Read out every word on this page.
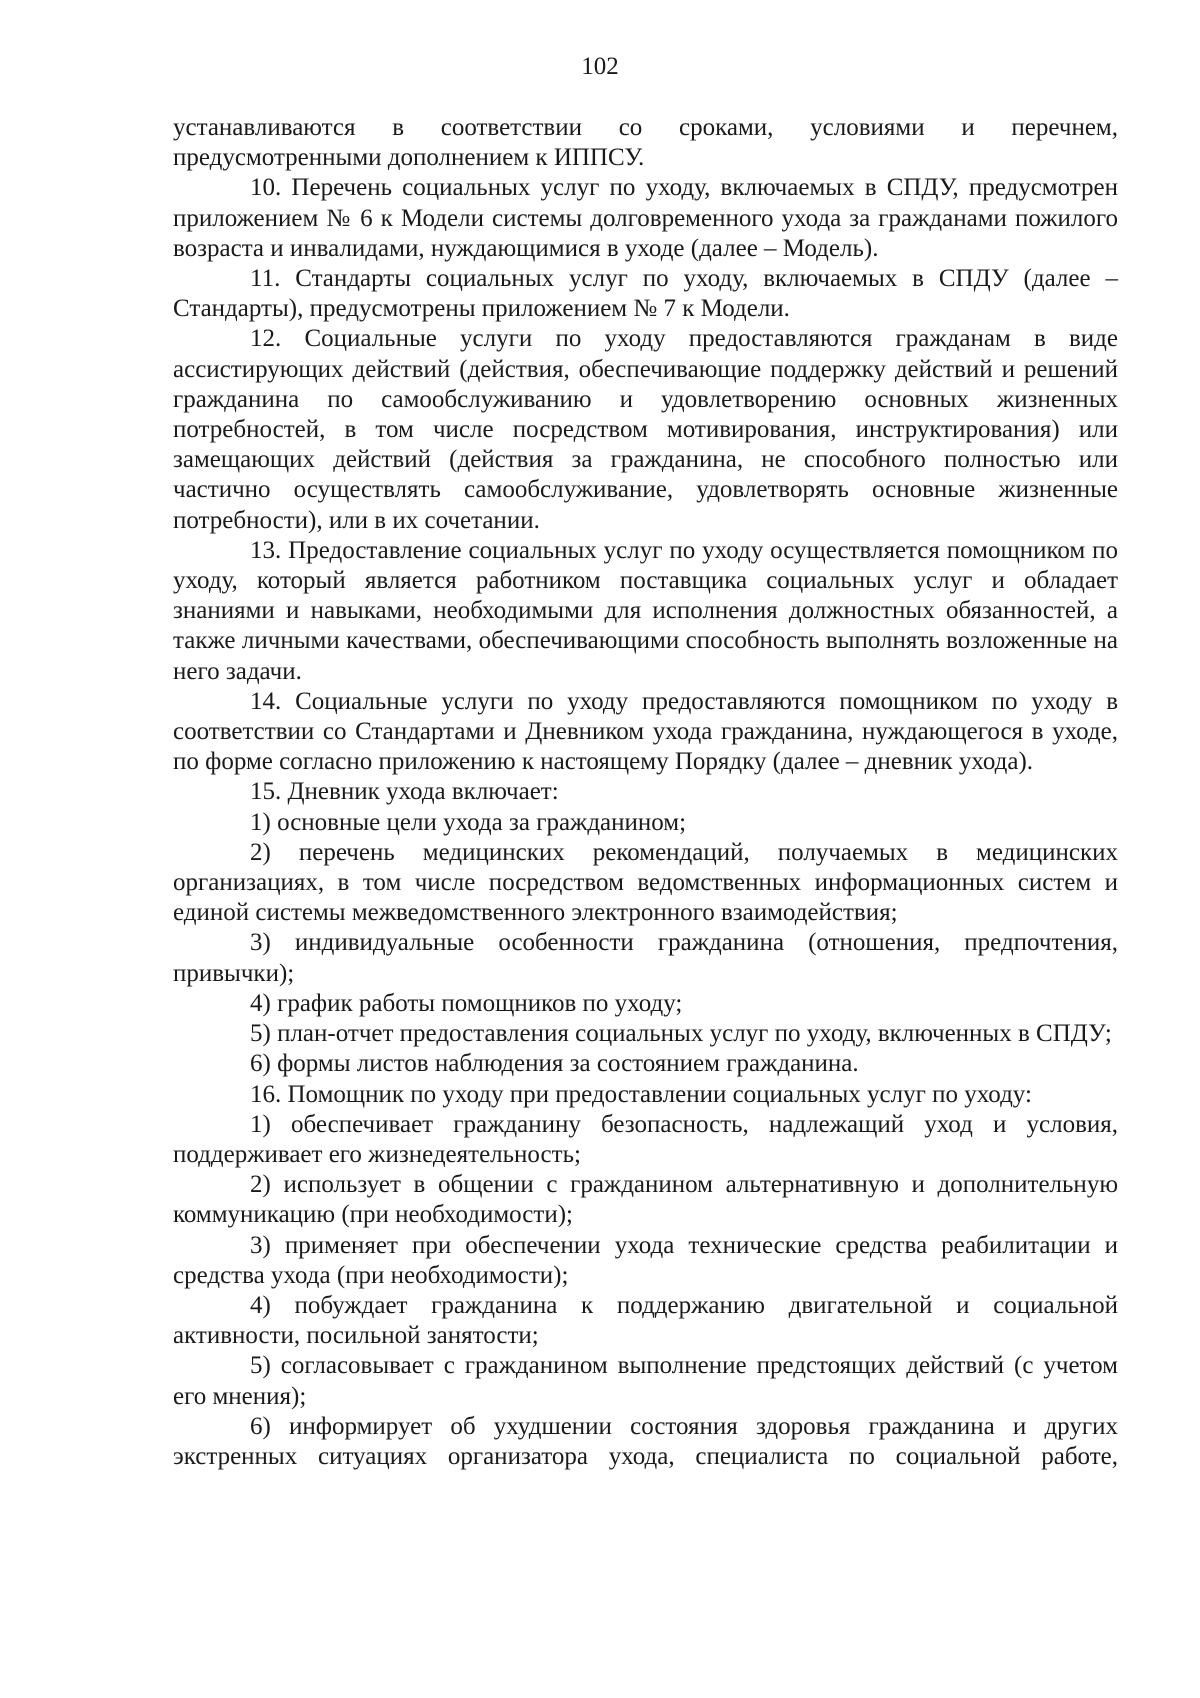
102

устанавливаются в соответствии со сроками, условиями и перечнем, предусмотренными дополнением к ИППСУ.

10. Перечень социальных услуг по уходу, включаемых в СПДУ, предусмотрен приложением № 6 к Модели системы долговременного ухода за гражданами пожилого возраста и инвалидами, нуждающимися в уходе (далее – Модель).

11. Стандарты социальных услуг по уходу, включаемых в СПДУ (далее – Стандарты), предусмотрены приложением № 7 к Модели.

12. Социальные услуги по уходу предоставляются гражданам в виде ассистирующих действий (действия, обеспечивающие поддержку действий и решений гражданина по самообслуживанию и удовлетворению основных жизненных потребностей, в том числе посредством мотивирования, инструктирования) или замещающих действий (действия за гражданина, не способного полностью или частично осуществлять самообслуживание, удовлетворять основные жизненные потребности), или в их сочетании.

13. Предоставление социальных услуг по уходу осуществляется помощником по уходу, который является работником поставщика социальных услуг и обладает знаниями и навыками, необходимыми для исполнения должностных обязанностей, а также личными качествами, обеспечивающими способность выполнять возложенные на него задачи.

14. Социальные услуги по уходу предоставляются помощником по уходу в соответствии со Стандартами и Дневником ухода гражданина, нуждающегося в уходе, по форме согласно приложению к настоящему Порядку (далее – дневник ухода).

15. Дневник ухода включает:

1) основные цели ухода за гражданином;

2) перечень медицинских рекомендаций, получаемых в медицинских организациях, в том числе посредством ведомственных информационных систем и единой системы межведомственного электронного взаимодействия;

3) индивидуальные особенности гражданина (отношения, предпочтения, привычки);

4) график работы помощников по уходу;

5) план-отчет предоставления социальных услуг по уходу, включенных в СПДУ;

6) формы листов наблюдения за состоянием гражданина.

16. Помощник по уходу при предоставлении социальных услуг по уходу:

1) обеспечивает гражданину безопасность, надлежащий уход и условия, поддерживает его жизнедеятельность;

2) использует в общении с гражданином альтернативную и дополнительную коммуникацию (при необходимости);

3) применяет при обеспечении ухода технические средства реабилитации и средства ухода (при необходимости);

4) побуждает гражданина к поддержанию двигательной и социальной активности, посильной занятости;

5) согласовывает с гражданином выполнение предстоящих действий (с учетом его мнения);

6) информирует об ухудшении состояния здоровья гражданина и других экстренных ситуациях организатора ухода, специалиста по социальной работе,
